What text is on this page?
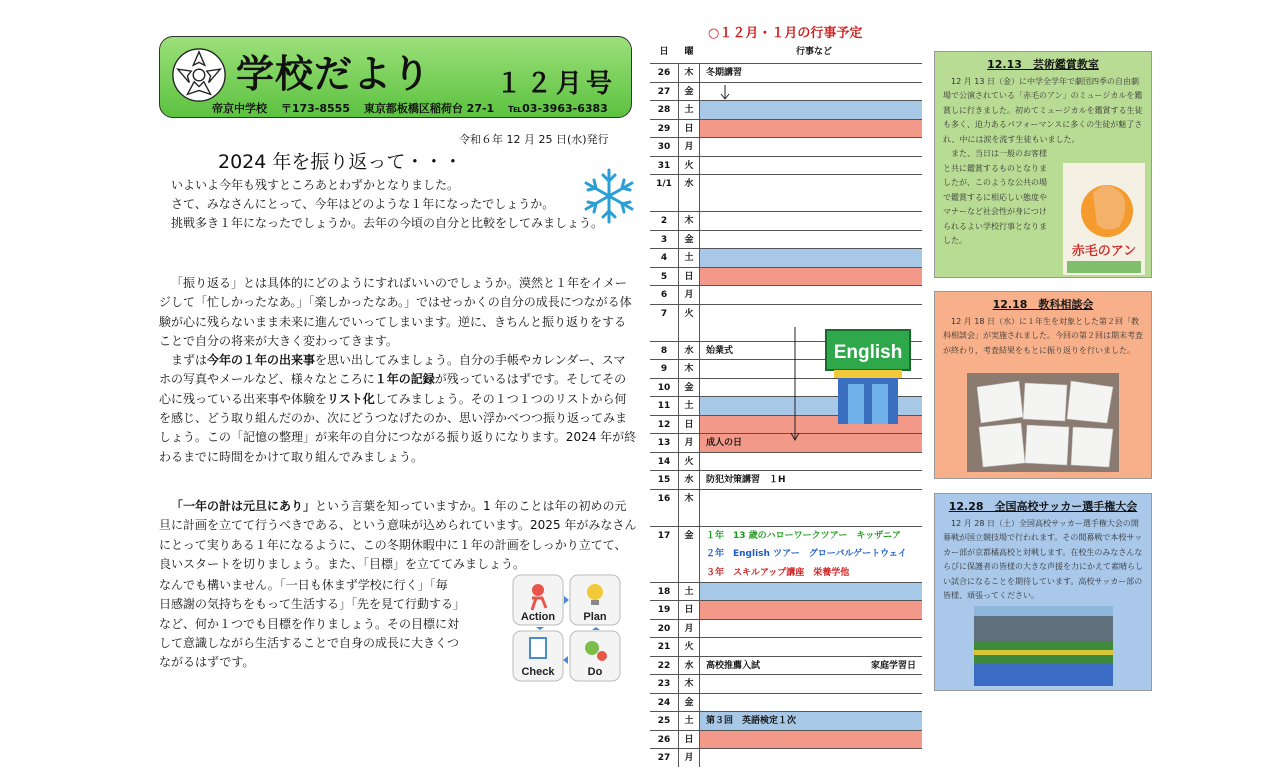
学校だより １２月号
帝京中学校 〒173-8555 東京都板橋区稲荷台 27-1 ℡03-3963-6383
令和６年 12 月 25 日(水)発行
2024 年を振り返って・・・

いよいよ今年も残すところあとわずかとなりました。

さて、みなさんにとって、今年はどのような１年になったでしょうか。

挑戦多き１年になったでしょうか。去年の今頃の自分と比較をしてみましょう。

「振り返る」とは具体的にどのようにすればいいのでしょうか。漠然と１年をイメージして「忙しかったなあ。」「楽しかったなあ。」ではせっかくの自分の成長につながる体験が心に残らないまま未来に進んでいってしまいます。逆に、きちんと振り返りをすることで自分の将来が大きく変わってきます。

まずは今年の１年の出来事を思い出してみましょう。自分の手帳やカレンダー、スマホの写真やメールなど、様々なところに１年の記録が残っているはずです。そしてその心に残っている出来事や体験をリスト化してみましょう。その１つ１つのリストから何を感じ、どう取り組んだのか、次にどうつなげたのか、思い浮かべつつ振り返ってみましょう。この「記憶の整理」が来年の自分につながる振り返りになります。2024 年が終わるまでに時間をかけて取り組んでみましょう。

「一年の計は元旦にあり」という言葉を知っていますか。1 年のことは年の初めの元旦に計画を立てて行うべきである、という意味が込められています。2025 年がみなさんにとって実りある１年になるように、この冬期休暇中に１年の計画をしっかり立てて、良いスタートを切りましょう。また、「目標」を立ててみましょう。

なんでも構いません。「一日も休まず学校に行く」「毎日感謝の気持ちをもって生活する」「先を見て行動する」など、何か１つでも目標を作りましょう。その目標に対して意識しながら生活することで自身の成長に大きくつながるはずです。

Action	Plan
Check	Do
○１２月・１月の行事予定
日	曜	行事など
26	木	冬期講習
27	金
28	土
29	日
30	月
31	火
1/1	水
2	木
3	金
4	土
5	日
6	月
7	火
8	水	始業式
9	木
10	金
11	土
12	日
13	月	成人の日
14	火
15	水	防犯対策講習　１H
16	木
17	金	１年　13 歳のハローワークツアー　キッザニア
２年　English ツアー　グローバルゲートウェイ
３年　スキルアップ講座　栄養学他
18	土
19	日
20	月
21	火
22	水	高校推薦入試	家庭学習日
23	木
24	金
25	土	第３回　英語検定１次
26	日
27	月
English
12.13　芸術鑑賞教室

12 月 13 日（金）に中学全学年で劇団四季の自由劇場で公演されている「赤毛のアン」のミュージカルを鑑賞しに行きました。初めてミュージカルを鑑賞する生徒も多く、迫力あるパフォーマンスに多くの生徒が魅了され、中には涙を流す生徒もいました。

また、当日は一般のお客様と共に鑑賞するものとなりましたが、このような公共の場で鑑賞するに相応しい態度やマナーなど社会性が身につけられるよい学校行事となりました。

赤毛のアン
12.18　教科相談会

12 月 18 日（水）に１年生を対象とした第２回「教科相談会」が実施されました。今回の第２回は期末考査が終わり、考査結果をもとに振り返りを行いました。

12.28　全国高校サッカー選手権大会

12 月 28 日（土）全国高校サッカー選手権大会の開幕戦が国立競技場で行われます。その開幕戦で本校サッカー部が京都橘高校と対戦します。在校生のみなさんならびに保護者の皆様の大きな声援を力にかえて素晴らしい試合になることを期待しています。高校サッカー部の皆様、頑張ってください。
